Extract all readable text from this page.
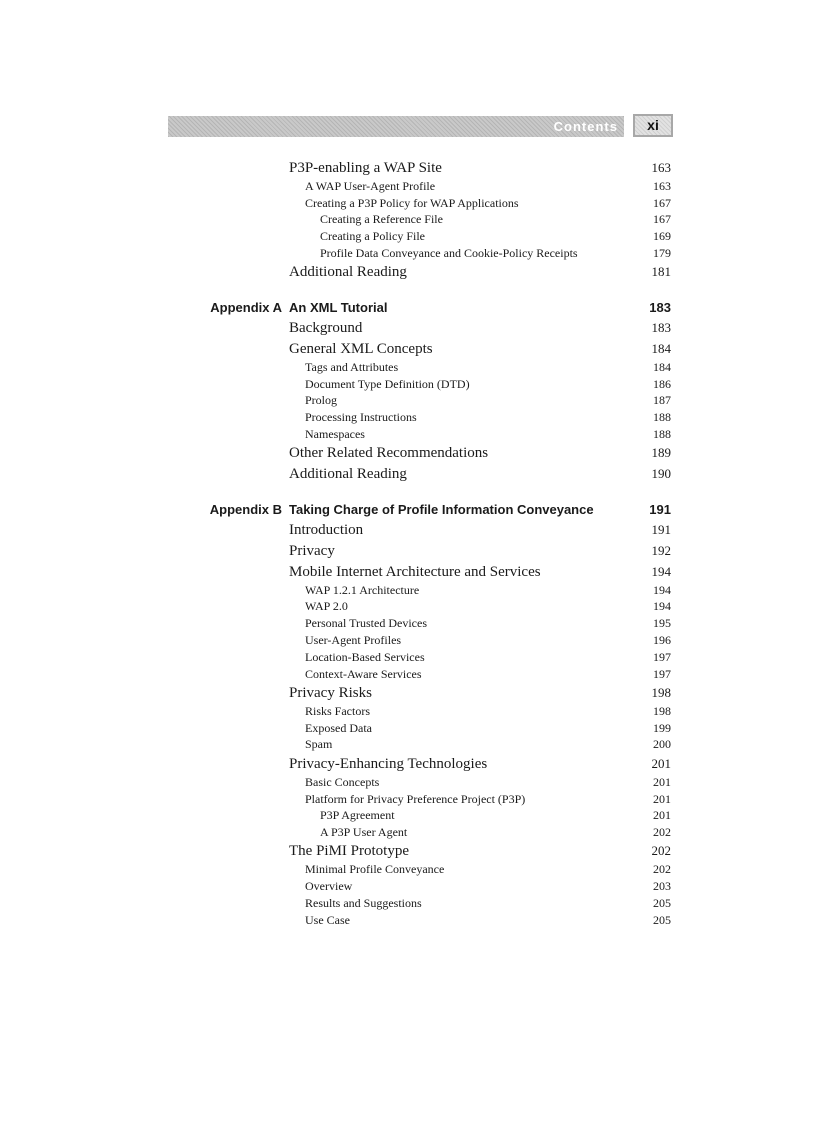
Contents	xi
P3P-enabling a WAP Site	163
A WAP User-Agent Profile	163
Creating a P3P Policy for WAP Applications	167
Creating a Reference File	167
Creating a Policy File	169
Profile Data Conveyance and Cookie-Policy Receipts	179
Additional Reading	181
Appendix A An XML Tutorial	183
Background	183
General XML Concepts	184
Tags and Attributes	184
Document Type Definition (DTD)	186
Prolog	187
Processing Instructions	188
Namespaces	188
Other Related Recommendations	189
Additional Reading	190
Appendix B Taking Charge of Profile Information Conveyance	191
Introduction	191
Privacy	192
Mobile Internet Architecture and Services	194
WAP 1.2.1 Architecture	194
WAP 2.0	194
Personal Trusted Devices	195
User-Agent Profiles	196
Location-Based Services	197
Context-Aware Services	197
Privacy Risks	198
Risks Factors	198
Exposed Data	199
Spam	200
Privacy-Enhancing Technologies	201
Basic Concepts	201
Platform for Privacy Preference Project (P3P)	201
P3P Agreement	201
A P3P User Agent	202
The PiMI Prototype	202
Minimal Profile Conveyance	202
Overview	203
Results and Suggestions	205
Use Case	205
